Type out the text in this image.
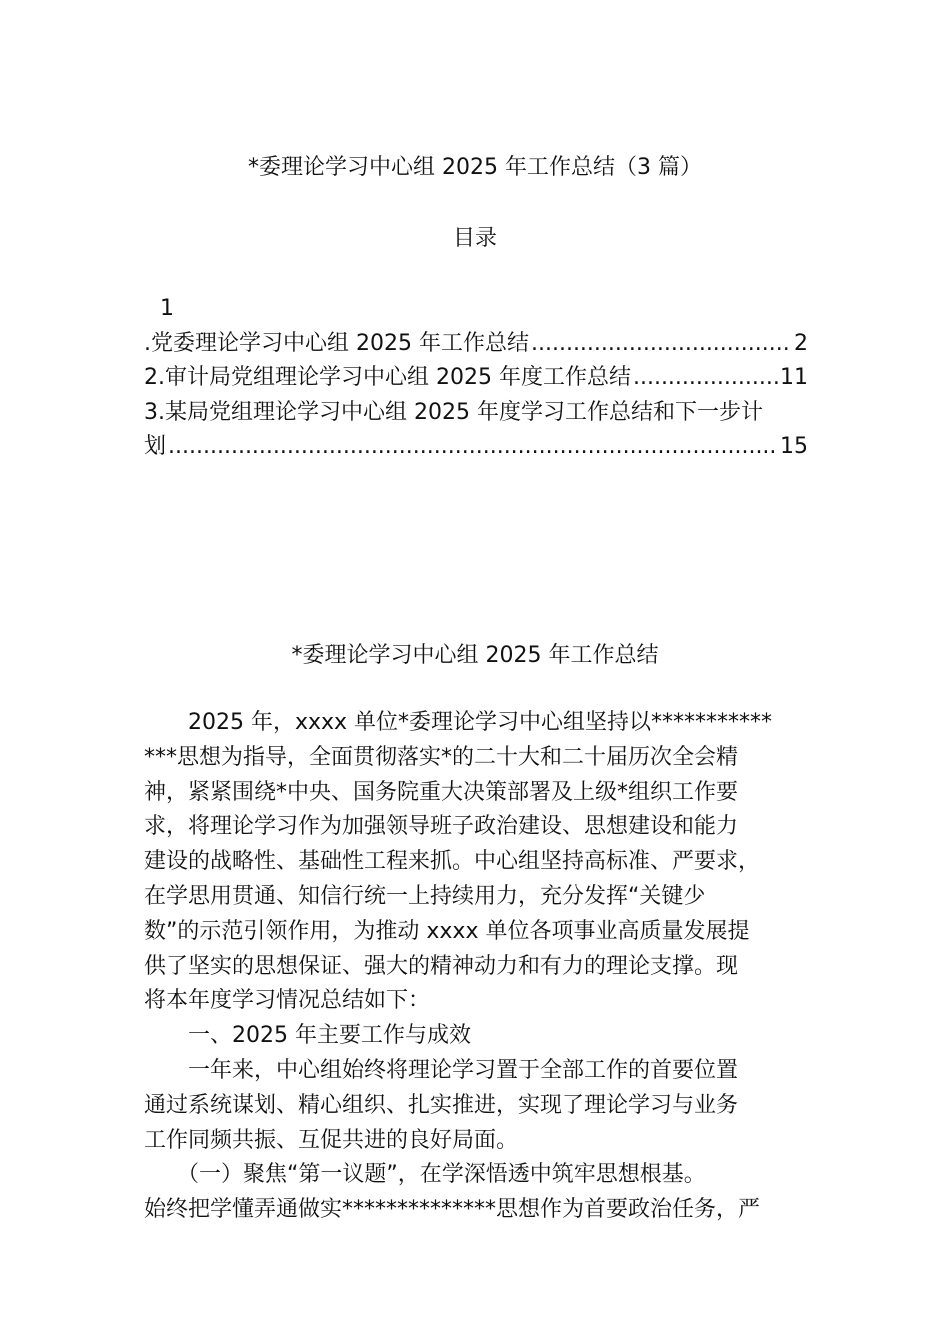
*委理论学习中心组 2025 年工作总结（3 篇）
目录
1
.党委理论学习中心组 2025 年工作总结 .....	2
2.审计局党组理论学习中心组 2025 年度工作总结 .....	11
3.某局党组理论学习中心组 2025 年度学习工作总结和下一步计
划 .....	15
*委理论学习中心组 2025 年工作总结
　　2025 年，xxxx 单位*委理论学习中心组坚持以***********
***思想为指导，全面贯彻落实*的二十大和二十届历次全会精
神，紧紧围绕*中央、国务院重大决策部署及上级*组织工作要
求，将理论学习作为加强领导班子政治建设、思想建设和能力
建设的战略性、基础性工程来抓。中心组坚持高标准、严要求，
在学思用贯通、知信行统一上持续用力，充分发挥“关键少
数”的示范引领作用，为推动 xxxx 单位各项事业高质量发展提
供了坚实的思想保证、强大的精神动力和有力的理论支撑。现
将本年度学习情况总结如下：
　　一、2025 年主要工作与成效
　　一年来，中心组始终将理论学习置于全部工作的首要位置
通过系统谋划、精心组织、扎实推进，实现了理论学习与业务
工作同频共振、互促共进的良好局面。
　　（一）聚焦“第一议题”，在学深悟透中筑牢思想根基。
始终把学懂弄通做实**************思想作为首要政治任务，严
